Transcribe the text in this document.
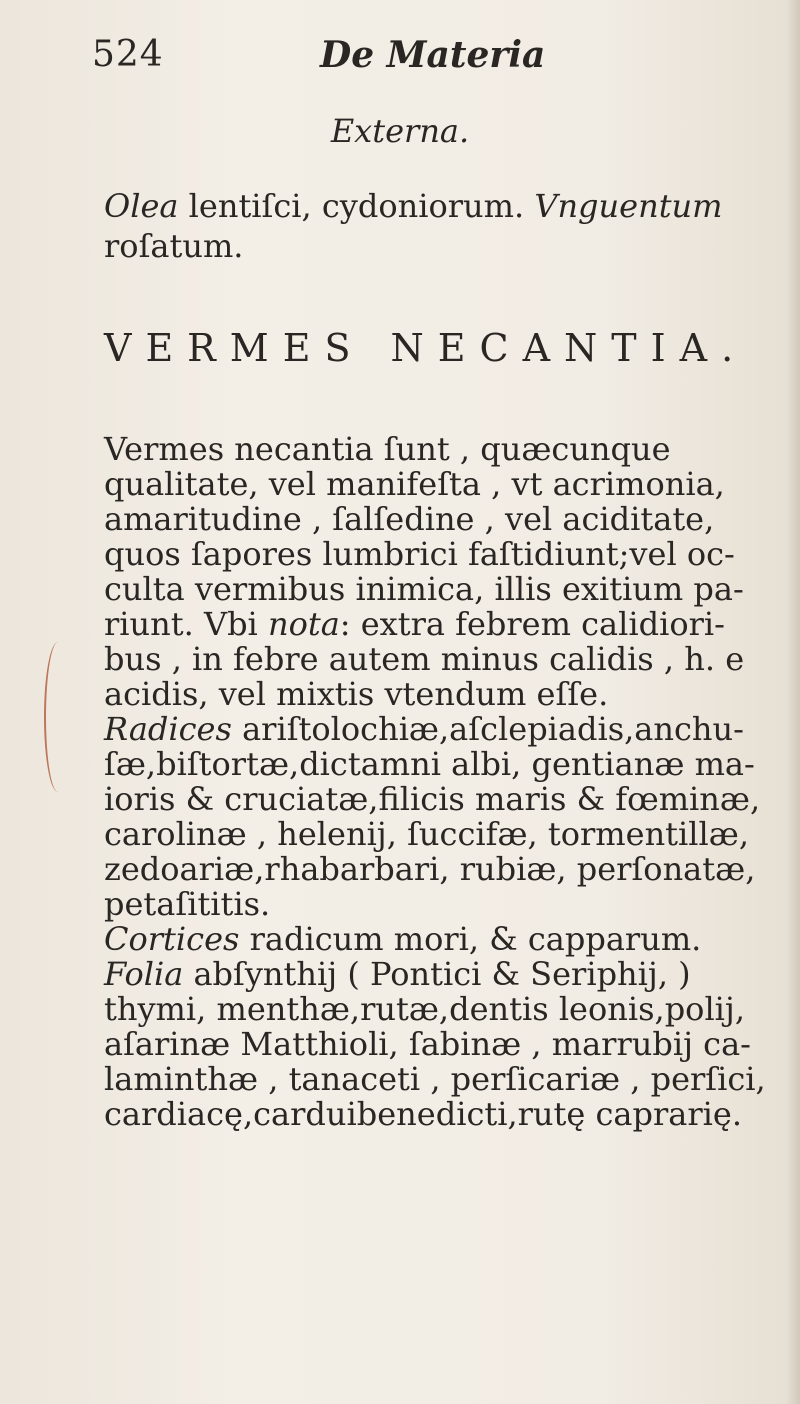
524	De Materia
Externa.
Olea lentiſci, cydoniorum. Vnguentum
roſatum.
VERMES NECANTIA.
Vermes necantia ſunt , quæcunque
qualitate, vel manifeſta , vt acrimonia,
amaritudine , ſalſedine , vel aciditate,
quos ſapores lumbrici faſtidiunt;vel oc-
culta vermibus inimica, illis exitium pa-
riunt. Vbi nota: extra febrem calidiori-
bus , in febre autem minus calidis , h. e
acidis, vel mixtis vtendum eſſe.
Radices ariſtolochiæ,aſclepiadis,anchu-
ſæ,biſtortæ,dictamni albi, gentianæ ma-
ioris & cruciatæ,filicis maris & fœminæ,
carolinæ , helenij, ſuccifæ, tormentillæ,
zedoariæ,rhabarbari, rubiæ, perſonatæ,
petaſititis.
Cortices radicum mori, & capparum.
Folia abſynthij ( Pontici & Seriphij, )
thymi, menthæ,rutæ,dentis leonis,polij,
aſarinæ Matthioli, ſabinæ , marrubij ca-
laminthæ , tanaceti , perſicariæ , perſici,
cardiacę,carduibenedicti,rutę caprarię.
